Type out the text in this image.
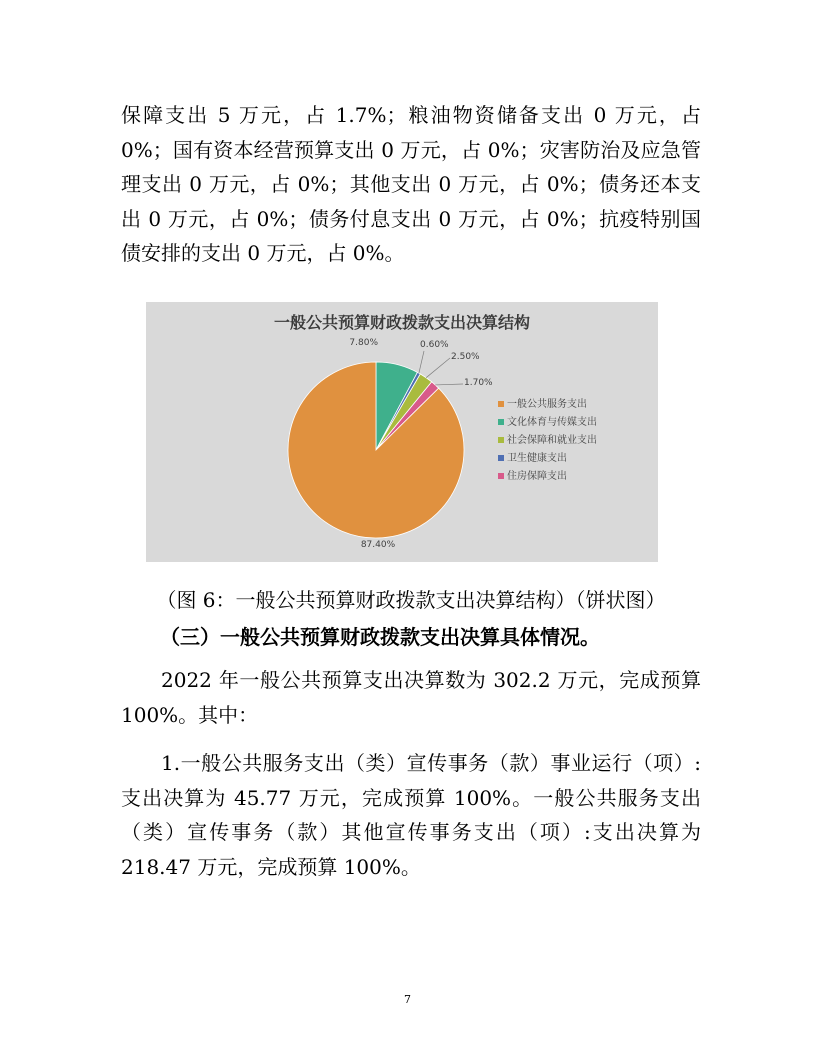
保障支出 5 万元，占 1.7%；粮油物资储备支出 0 万元，占 0%；国有资本经营预算支出 0 万元，占 0%；灾害防治及应急管理支出 0 万元，占 0%；其他支出 0 万元，占 0%；债务还本支出 0 万元，占 0%；债务付息支出 0 万元，占 0%；抗疫特别国债安排的支出 0 万元，占 0%。

一般公共预算财政拨款支出决算结构
87.40%
7.80%
2.50%
0.60%
1.70%
一般公共服务支出
文化体育与传媒支出
社会保障和就业支出
卫生健康支出
住房保障支出

（图 6：一般公共预算财政拨款支出决算结构）（饼状图）

（三）一般公共预算财政拨款支出决算具体情况。

2022 年一般公共预算支出决算数为 302.2 万元，完成预算 100%。其中：

1.一般公共服务支出（类）宣传事务（款）事业运行（项）: 支出决算为 45.77 万元，完成预算 100%。一般公共服务支出（类）宣传事务（款）其他宣传事务支出（项）:支出决算为 218.47 万元，完成预算 100%。

7
